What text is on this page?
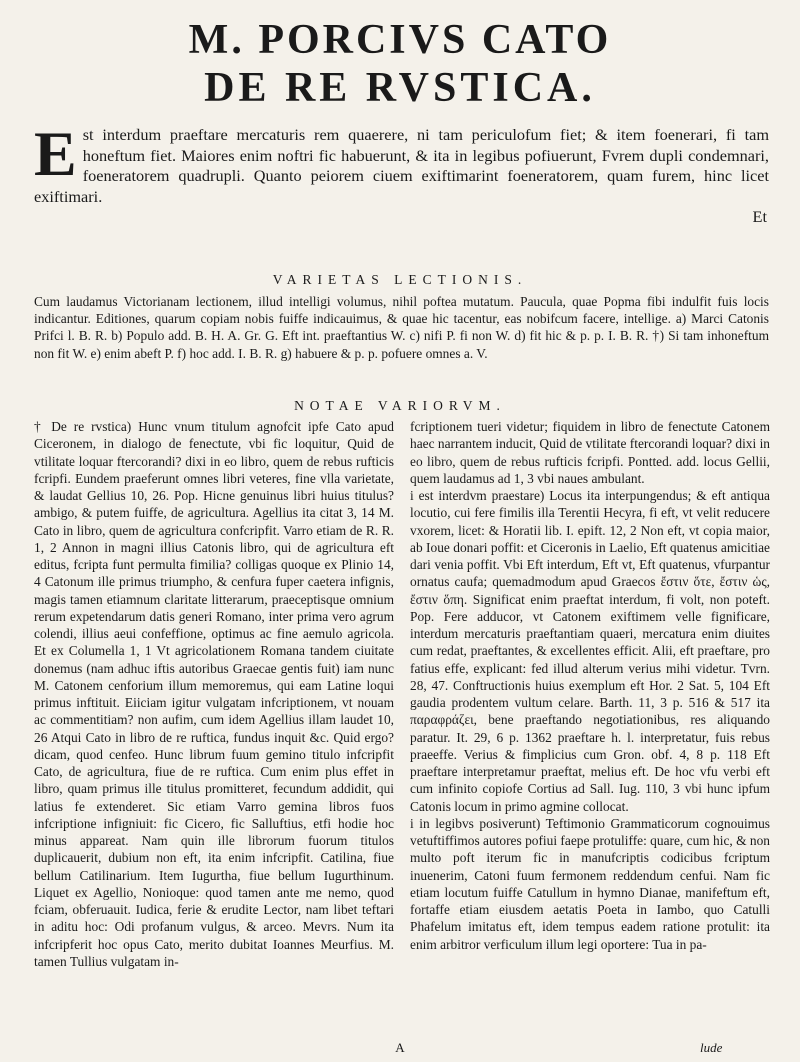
M. PORCIVS CATO
DE RE RVSTICA.
E st interdum praeftare mercaturis rem quaerere, ni tam periculofum fiet; & item foenerari, fi tam honeftum fiet. Maiores enim noftri fic habuerunt, & ita in legibus pofiuerunt, Fvrem dupli condemnari, foeneratorem quadrupli. Quanto peiorem ciuem exiftimarint foeneratorem, quam furem, hinc licet exiftimari.

Et

VARIETAS LECTIONIS.

Cum laudamus Victorianam lectionem, illud intelligi volumus, nihil poftea mutatum. Paucula, quae Popma fibi indulfit fuis locis indicantur. Editiones, quarum copiam nobis fuiffe indicauimus, & quae hic tacentur, eas nobifcum facere, intellige. a) Marci Catonis Prifci l. B. R. b) Populo add. B. H. A. Gr. G. Eft int. praeftantius W. c) nifi P. fi non W. d) fit hic & p. p. I. B. R. †) Si tam inhoneftum non fit W. e) enim abeft P. f) hoc add. I. B. R. g) habuere & p. p. pofuere omnes a. V.

NOTAE VARIORVM.

† De re rvstica) Hunc vnum titulum agnofcit ipfe Cato apud Ciceronem, in dialogo de fenectute, vbi fic loquitur, Quid de vtilitate loquar ftercorandi? dixi in eo libro, quem de rebus rufticis fcripfi. Eundem praeferunt omnes libri veteres, fine vlla varietate, & laudat Gellius 10, 26. Pop. Hicne genuinus libri huius titulus? ambigo, & putem fuiffe, de agricultura. Agellius ita citat 3, 14 M. Cato in libro, quem de agricultura confcripfit. Varro etiam de R. R. 1, 2 Annon in magni illius Catonis libro, qui de agricultura eft editus, fcripta funt permulta fimilia? colligas quoque ex Plinio 14, 4 Catonum ille primus triumpho, & cenfura fuper caetera infignis, magis tamen etiamnum claritate litterarum, praeceptisque omnium rerum expetendarum datis generi Romano, inter prima vero agrum colendi, illius aeui confeffione, optimus ac fine aemulo agricola. Et ex Columella 1, 1 Vt agricolationem Romana tandem ciuitate donemus (nam adhuc iftis autoribus Graecae gentis fuit) iam nunc M. Catonem cenforium illum memoremus, qui eam Latine loqui primus inftituit. Eiiciam igitur vulgatam infcriptionem, vt nouam ac commentitiam? non aufim, cum idem Agellius illam laudet 10, 26 Atqui Cato in libro de re ruftica, fundus inquit &c. Quid ergo? dicam, quod cenfeo. Hunc librum fuum gemino titulo infcripfit Cato, de agricultura, fiue de re ruftica. Cum enim plus effet in libro, quam primus ille titulus promitteret, fecundum addidit, qui latius fe extenderet. Sic etiam Varro gemina libros fuos infcriptione infigniuit: fic Cicero, fic Salluftius, etfi hodie hoc minus appareat. Nam quin ille librorum fuorum titulos duplicauerit, dubium non eft, ita enim infcripfit. Catilina, fiue bellum Catilinarium. Item Iugurtha, fiue bellum Iugurthinum. Liquet ex Agellio, Nonioque: quod tamen ante me nemo, quod fciam, obferuauit. Iudica, ferie & erudite Lector, nam libet teftari in aditu hoc: Odi profanum vulgus, & arceo. Mevrs. Num ita infcripferit hoc opus Cato, merito dubitat Ioannes Meurfius. M. tamen Tullius vulgatam in-

fcriptionem tueri videtur; fiquidem in libro de fenectute Catonem haec narrantem inducit, Quid de vtilitate ftercorandi loquar? dixi in eo libro, quem de rebus rufticis fcripfi. Pontted. add. locus Gellii, quem laudamus ad 1, 3 vbi naues ambulant.

i est interdvm praestare) Locus ita interpungendus; & eft antiqua locutio, cui fere fimilis illa Terentii Hecyra, fi eft, vt velit reducere vxorem, licet: & Horatii lib. I. epift. 12, 2 Non eft, vt copia maior, ab Ioue donari poffit: et Ciceronis in Laelio, Eft quatenus amicitiae dari venia poffit. Vbi Eft interdum, Eft vt, Eft quatenus, vfurpantur ornatus caufa; quemadmodum apud Graecos ἔστιν ὅτε, ἔστιν ὡς, ἔστιν ὅπη. Significat enim praeftat interdum, fi volt, non poteft. Pop. Fere adducor, vt Catonem exiftimem velle fignificare, interdum mercaturis praeftantiam quaeri, mercatura enim diuites cum redat, praeftantes, & excellentes efficit. Alii, eft praeftare, pro fatius effe, explicant: fed illud alterum verius mihi videtur. Tvrn. 28, 47. Conftructionis huius exemplum eft Hor. 2 Sat. 5, 104 Eft gaudia prodentem vultum celare. Barth. 11, 3 p. 516 & 517 ita παραφράζει, bene praeftando negotiationibus, res aliquando paratur. It. 29, 6 p. 1362 praeftare h. l. interpretatur, fuis rebus praeeffe. Verius & fimplicius cum Gron. obf. 4, 8 p. 118 Eft praeftare interpretamur praeftat, melius eft. De hoc vfu verbi eft cum infinito copiofe Cortius ad Sall. Iug. 110, 3 vbi hunc ipfum Catonis locum in primo agmine collocat.

i in legibvs posiverunt) Teftimonio Grammaticorum cognouimus vetuftiffimos autores pofiui faepe protuliffe: quare, cum hic, & non multo poft iterum fic in manufcriptis codicibus fcriptum inuenerim, Catoni fuum fermonem reddendum cenfui. Nam fic etiam locutum fuiffe Catullum in hymno Dianae, manifeftum eft, fortaffe etiam eiusdem aetatis Poeta in Iambo, quo Catulli Phafelum imitatus eft, idem tempus eadem ratione protulit: ita enim arbitror verficulum illum legi oportere: Tua in pa-

A	lude
